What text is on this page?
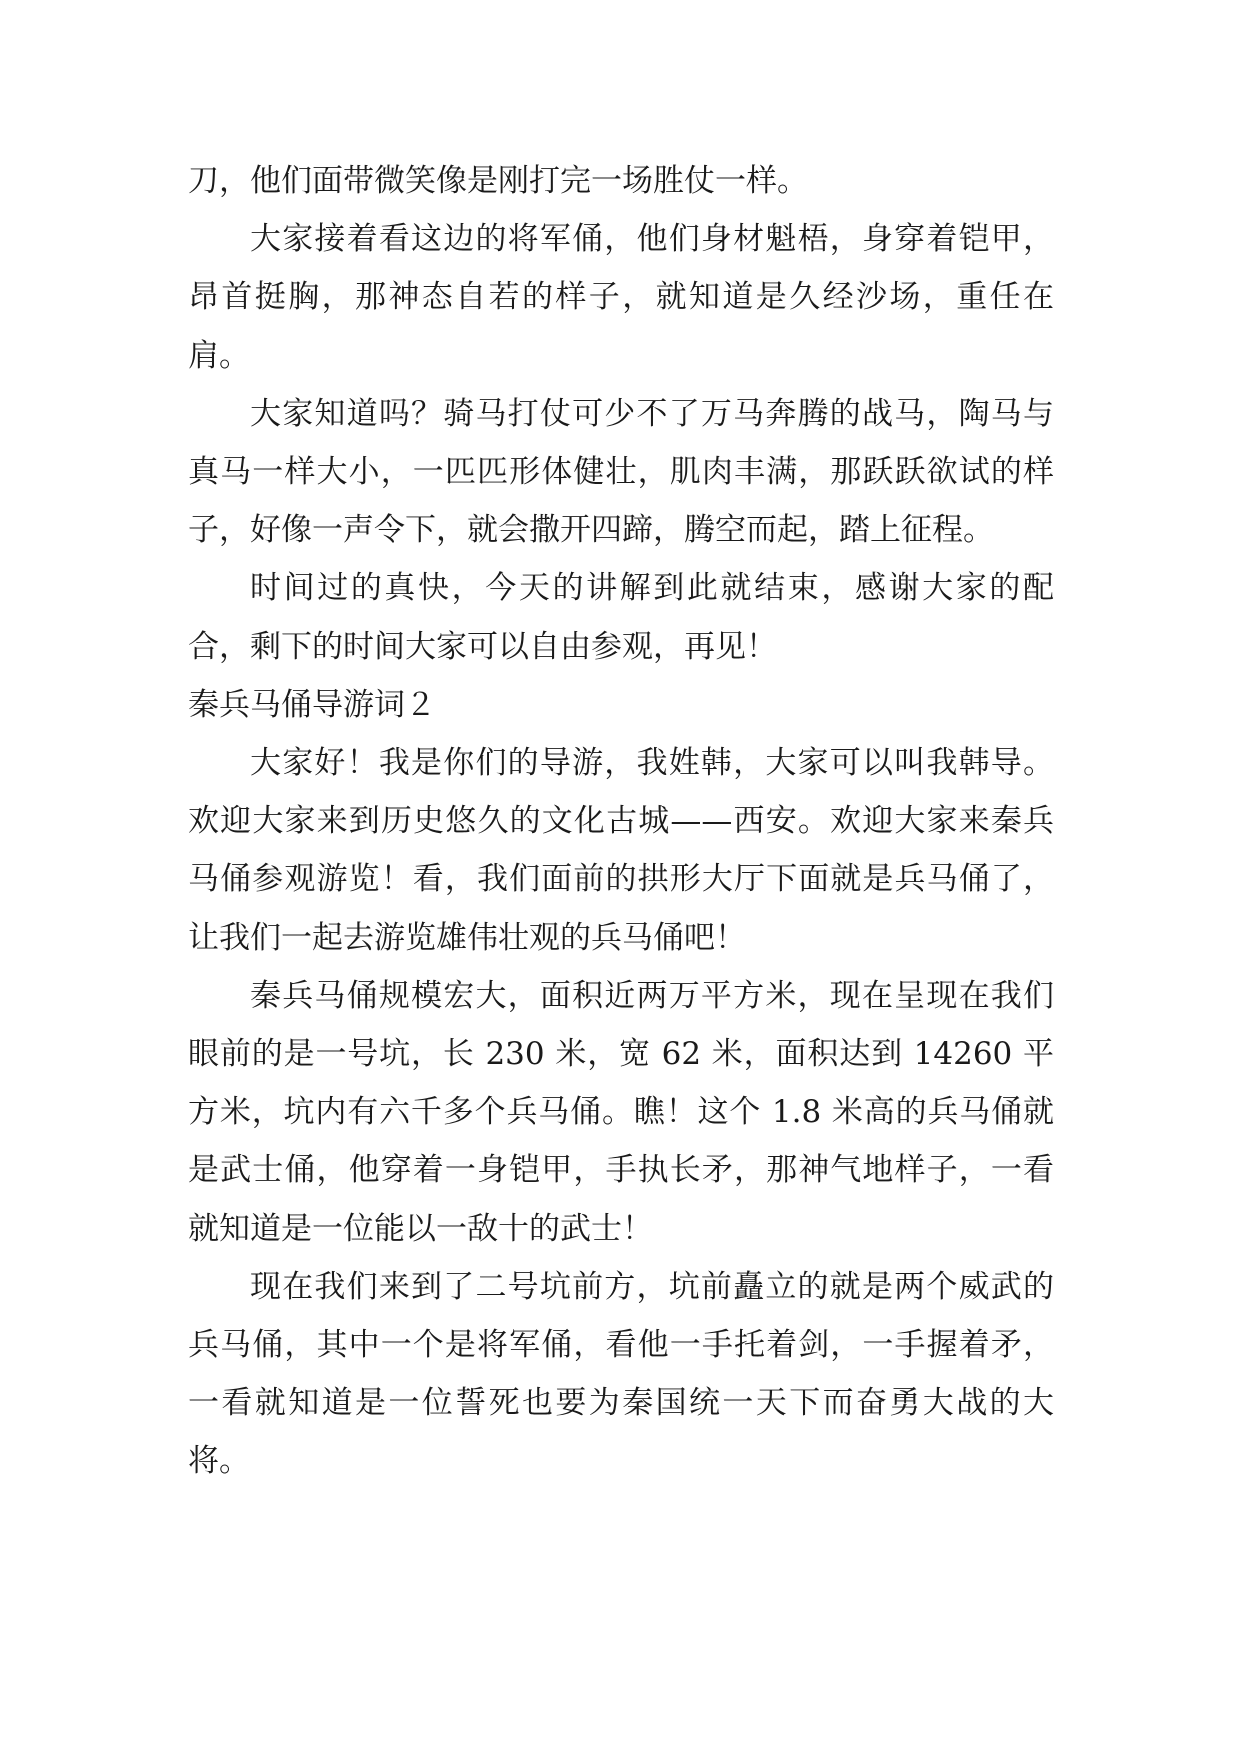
刀，他们面带微笑像是刚打完一场胜仗一样。

大家接着看这边的将军俑，他们身材魁梧，身穿着铠甲，昂首挺胸，那神态自若的样子，就知道是久经沙场，重任在肩。

大家知道吗？骑马打仗可少不了万马奔腾的战马，陶马与真马一样大小，一匹匹形体健壮，肌肉丰满，那跃跃欲试的样子，好像一声令下，就会撒开四蹄，腾空而起，踏上征程。

时间过的真快，今天的讲解到此就结束，感谢大家的配合，剩下的时间大家可以自由参观，再见！

秦兵马俑导游词２

大家好！我是你们的导游，我姓韩，大家可以叫我韩导。欢迎大家来到历史悠久的文化古城——西安。欢迎大家来秦兵马俑参观游览！看，我们面前的拱形大厅下面就是兵马俑了，让我们一起去游览雄伟壮观的兵马俑吧！

秦兵马俑规模宏大，面积近两万平方米，现在呈现在我们眼前的是一号坑，长 230 米，宽 62 米，面积达到 14260 平方米，坑内有六千多个兵马俑。瞧！这个 1.8 米高的兵马俑就是武士俑，他穿着一身铠甲，手执长矛，那神气地样子，一看就知道是一位能以一敌十的武士！

现在我们来到了二号坑前方，坑前矗立的就是两个威武的兵马俑，其中一个是将军俑，看他一手托着剑，一手握着矛，一看就知道是一位誓死也要为秦国统一天下而奋勇大战的大将。
